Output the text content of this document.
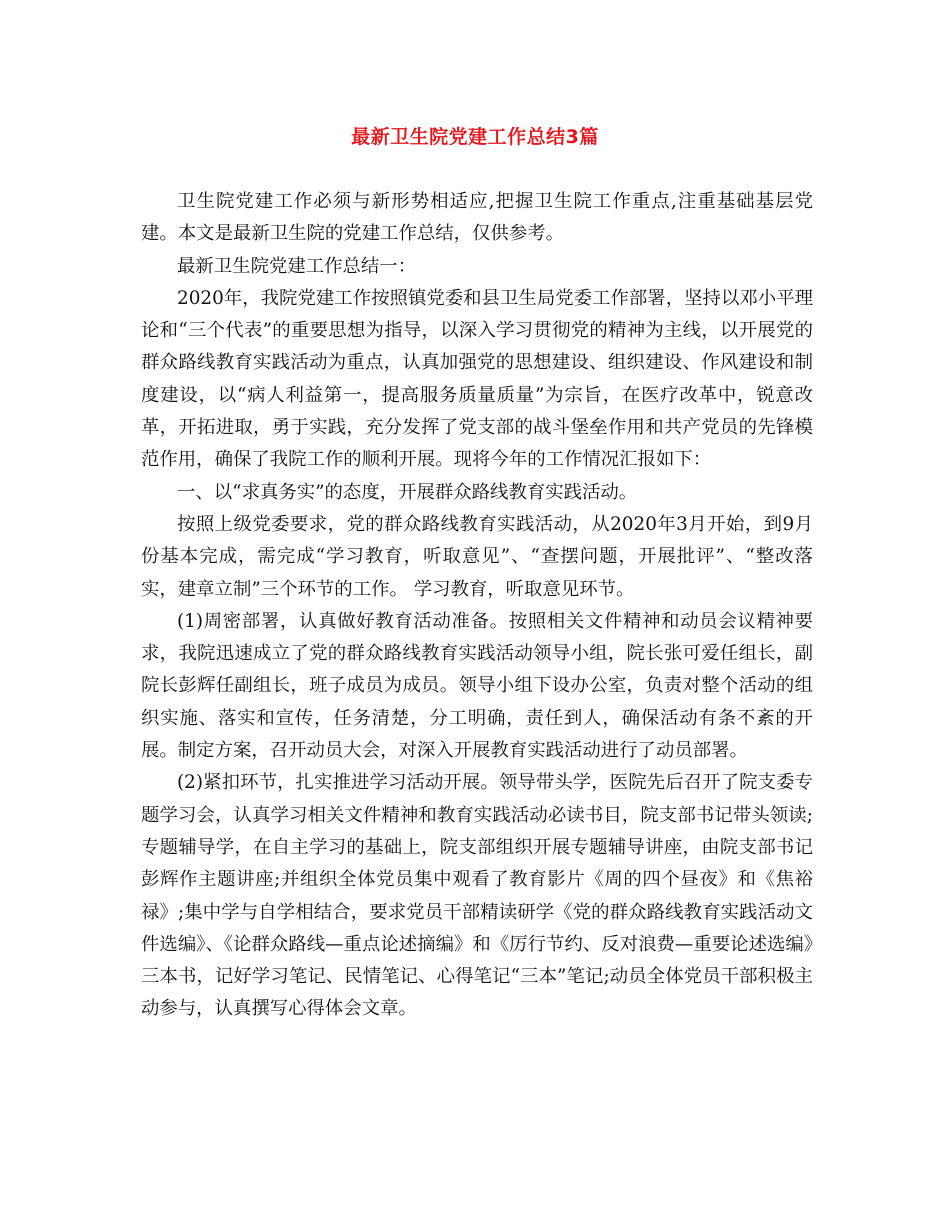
最新卫生院党建工作总结3篇

卫生院党建工作必须与新形势相适应,把握卫生院工作重点,注重基础基层党建。本文是最新卫生院的党建工作总结，仅供参考。

最新卫生院党建工作总结一：

2020年，我院党建工作按照镇党委和县卫生局党委工作部署，坚持以邓小平理论和“三个代表”的重要思想为指导，以深入学习贯彻党的精神为主线，以开展党的群众路线教育实践活动为重点，认真加强党的思想建设、组织建设、作风建设和制度建设，以“病人利益第一，提高服务质量质量”为宗旨，在医疗改革中，锐意改革，开拓进取，勇于实践，充分发挥了党支部的战斗堡垒作用和共产党员的先锋模范作用，确保了我院工作的顺利开展。现将今年的工作情况汇报如下：

一、以“求真务实”的态度，开展群众路线教育实践活动。

按照上级党委要求，党的群众路线教育实践活动，从2020年3月开始，到9月份基本完成，需完成“学习教育，听取意见”、“查摆问题，开展批评”、“整改落实，建章立制”三个环节的工作。 学习教育，听取意见环节。

(1)周密部署，认真做好教育活动准备。按照相关文件精神和动员会议精神要求，我院迅速成立了党的群众路线教育实践活动领导小组，院长张可爱任组长，副院长彭辉任副组长，班子成员为成员。领导小组下设办公室，负责对整个活动的组织实施、落实和宣传，任务清楚，分工明确，责任到人，确保活动有条不紊的开展。制定方案，召开动员大会，对深入开展教育实践活动进行了动员部署。

(2)紧扣环节，扎实推进学习活动开展。领导带头学，医院先后召开了院支委专题学习会，认真学习相关文件精神和教育实践活动必读书目，院支部书记带头领读;专题辅导学，在自主学习的基础上，院支部组织开展专题辅导讲座，由院支部书记彭辉作主题讲座;并组织全体党员集中观看了教育影片《周的四个昼夜》和《焦裕禄》;集中学与自学相结合，要求党员干部精读研学《党的群众路线教育实践活动文件选编》、《论群众路线—重点论述摘编》和《厉行节约、反对浪费—重要论述选编》三本书，记好学习笔记、民情笔记、心得笔记“三本”笔记;动员全体党员干部积极主动参与，认真撰写心得体会文章。
